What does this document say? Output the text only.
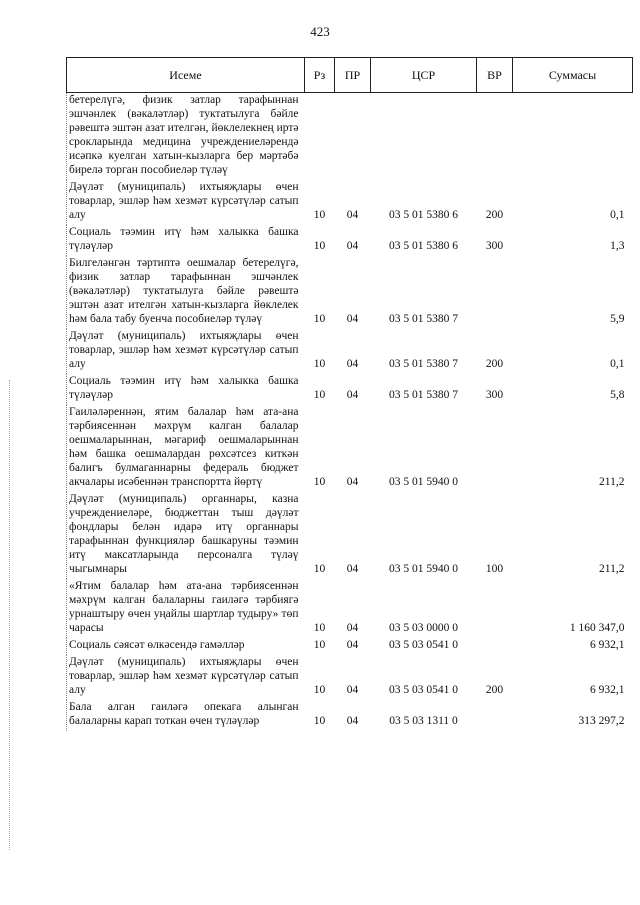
423
Исеме	Рз	ПР	ЦСР	ВР	Суммасы
бетерелүгә, физик затлар тарафыннан эшчәнлек (вәкаләтләр) туктатылуга бәйле рәвештә эштән азат ителгән, йөклелекнең иртә срокларында медицина учреждениеләрендә исәпкә куелган хатын-кызларга бер мәртәбә бирелә торган пособиеләр түләү					
Дәүләт (муниципаль) ихтыяҗлары өчен товарлар, эшләр һәм хезмәт күрсәтүләр сатып алу	10	04	03 5 01 5380 6	200	0,1
Социаль тәэмин итү һәм халыкка башка түләүләр	10	04	03 5 01 5380 6	300	1,3
Билгеләнгән тәртиптә оешмалар бетерелүгә, физик затлар тарафыннан эшчәнлек (вәкаләтләр) туктатылуга бәйле рәвештә эштән азат ителгән хатын-кызларга йөклелек һәм бала табу буенча пособиеләр түләү	10	04	03 5 01 5380 7		5,9
Дәүләт (муниципаль) ихтыяҗлары өчен товарлар, эшләр һәм хезмәт күрсәтүләр сатып алу	10	04	03 5 01 5380 7	200	0,1
Социаль тәэмин итү һәм халыкка башка түләүләр	10	04	03 5 01 5380 7	300	5,8
Гаиләләреннән, ятим балалар һәм ата-ана тәрбиясеннән мәхрүм калган балалар оешмаларыннан, мәгариф оешмаларыннан һәм башка оешмалардан рөхсәтсез киткән балигъ булмаганнарны федераль бюджет акчалары исәбеннән транспортта йөртү	10	04	03 5 01 5940 0		211,2
Дәүләт (муниципаль) органнары, казна учреждениеләре, бюджеттан тыш дәүләт фондлары белән идарә итү органнары тарафыннан функцияләр башкаруны тәэмин итү максатларында персоналга түләү чыгымнары	10	04	03 5 01 5940 0	100	211,2
«Ятим балалар һәм ата-ана тәрбиясеннән мәхрүм калган балаларны гаиләгә тәрбиягә урнаштыру өчен уңайлы шартлар тудыру» төп чарасы	10	04	03 5 03 0000 0		1 160 347,0
Социаль сәясәт өлкәсендә гамәлләр	10	04	03 5 03 0541 0		6 932,1
Дәүләт (муниципаль) ихтыяҗлары өчен товарлар, эшләр һәм хезмәт күрсәтүләр сатып алу	10	04	03 5 03 0541 0	200	6 932,1
Бала алган гаиләгә опекага алынган балаларны карап тоткан өчен түләүләр	10	04	03 5 03 1311 0		313 297,2
